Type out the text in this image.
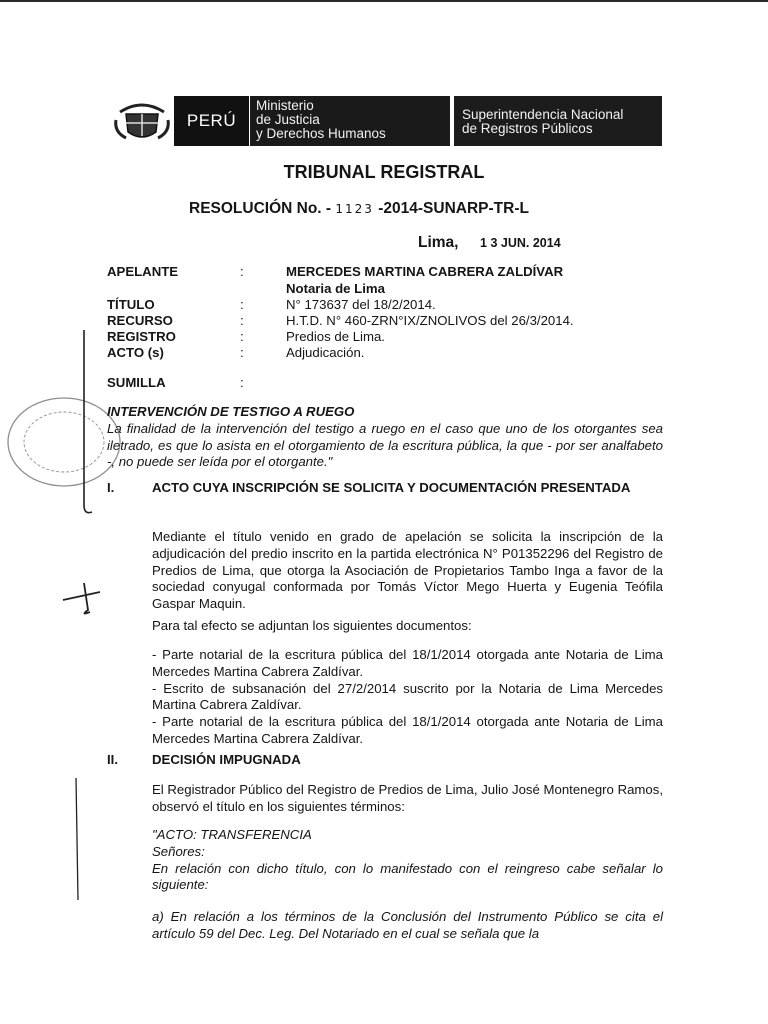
PERÚ
Ministerio
de Justicia
y Derechos Humanos
Superintendencia Nacional
de Registros Públicos
TRIBUNAL REGISTRAL
RESOLUCIÓN No. - 1123 -2014-SUNARP-TR-L
Lima, 1 3 JUN. 2014
APELANTE	:	MERCEDES MARTINA CABRERA ZALDÍVAR
Notaria de Lima
TÍTULO	:	N° 173637 del 18/2/2014.
RECURSO	:	H.T.D. N° 460-ZRN°IX/ZNOLIVOS del 26/3/2014.
REGISTRO	:	Predios de Lima.
ACTO (s)	:	Adjudicación.
SUMILLA	:
INTERVENCIÓN DE TESTIGO A RUEGO
La finalidad de la intervención del testigo a ruego en el caso que uno de los otorgantes sea iletrado, es que lo asista en el otorgamiento de la escritura pública, la que - por ser analfabeto -, no puede ser leída por el otorgante."
I.	ACTO CUYA INSCRIPCIÓN SE SOLICITA Y DOCUMENTACIÓN PRESENTADA
Mediante el título venido en grado de apelación se solicita la inscripción de la adjudicación del predio inscrito en la partida electrónica N° P01352296 del Registro de Predios de Lima, que otorga la Asociación de Propietarios Tambo Inga a favor de la sociedad conyugal conformada por Tomás Víctor Mego Huerta y Eugenia Teófila Gaspar Maquin.
Para tal efecto se adjuntan los siguientes documentos:
- Parte notarial de la escritura pública del 18/1/2014 otorgada ante Notaria de Lima Mercedes Martina Cabrera Zaldívar.
- Escrito de subsanación del 27/2/2014 suscrito por la Notaria de Lima Mercedes Martina Cabrera Zaldívar.
- Parte notarial de la escritura pública del 18/1/2014 otorgada ante Notaria de Lima Mercedes Martina Cabrera Zaldívar.
II.	DECISIÓN IMPUGNADA
El Registrador Público del Registro de Predios de Lima, Julio José Montenegro Ramos, observó el título en los siguientes términos:
"ACTO: TRANSFERENCIA
Señores:
En relación con dicho título, con lo manifestado con el reingreso cabe señalar lo siguiente:
a) En relación a los términos de la Conclusión del Instrumento Público se cita el artículo 59 del Dec. Leg. Del Notariado en el cual se señala que la
